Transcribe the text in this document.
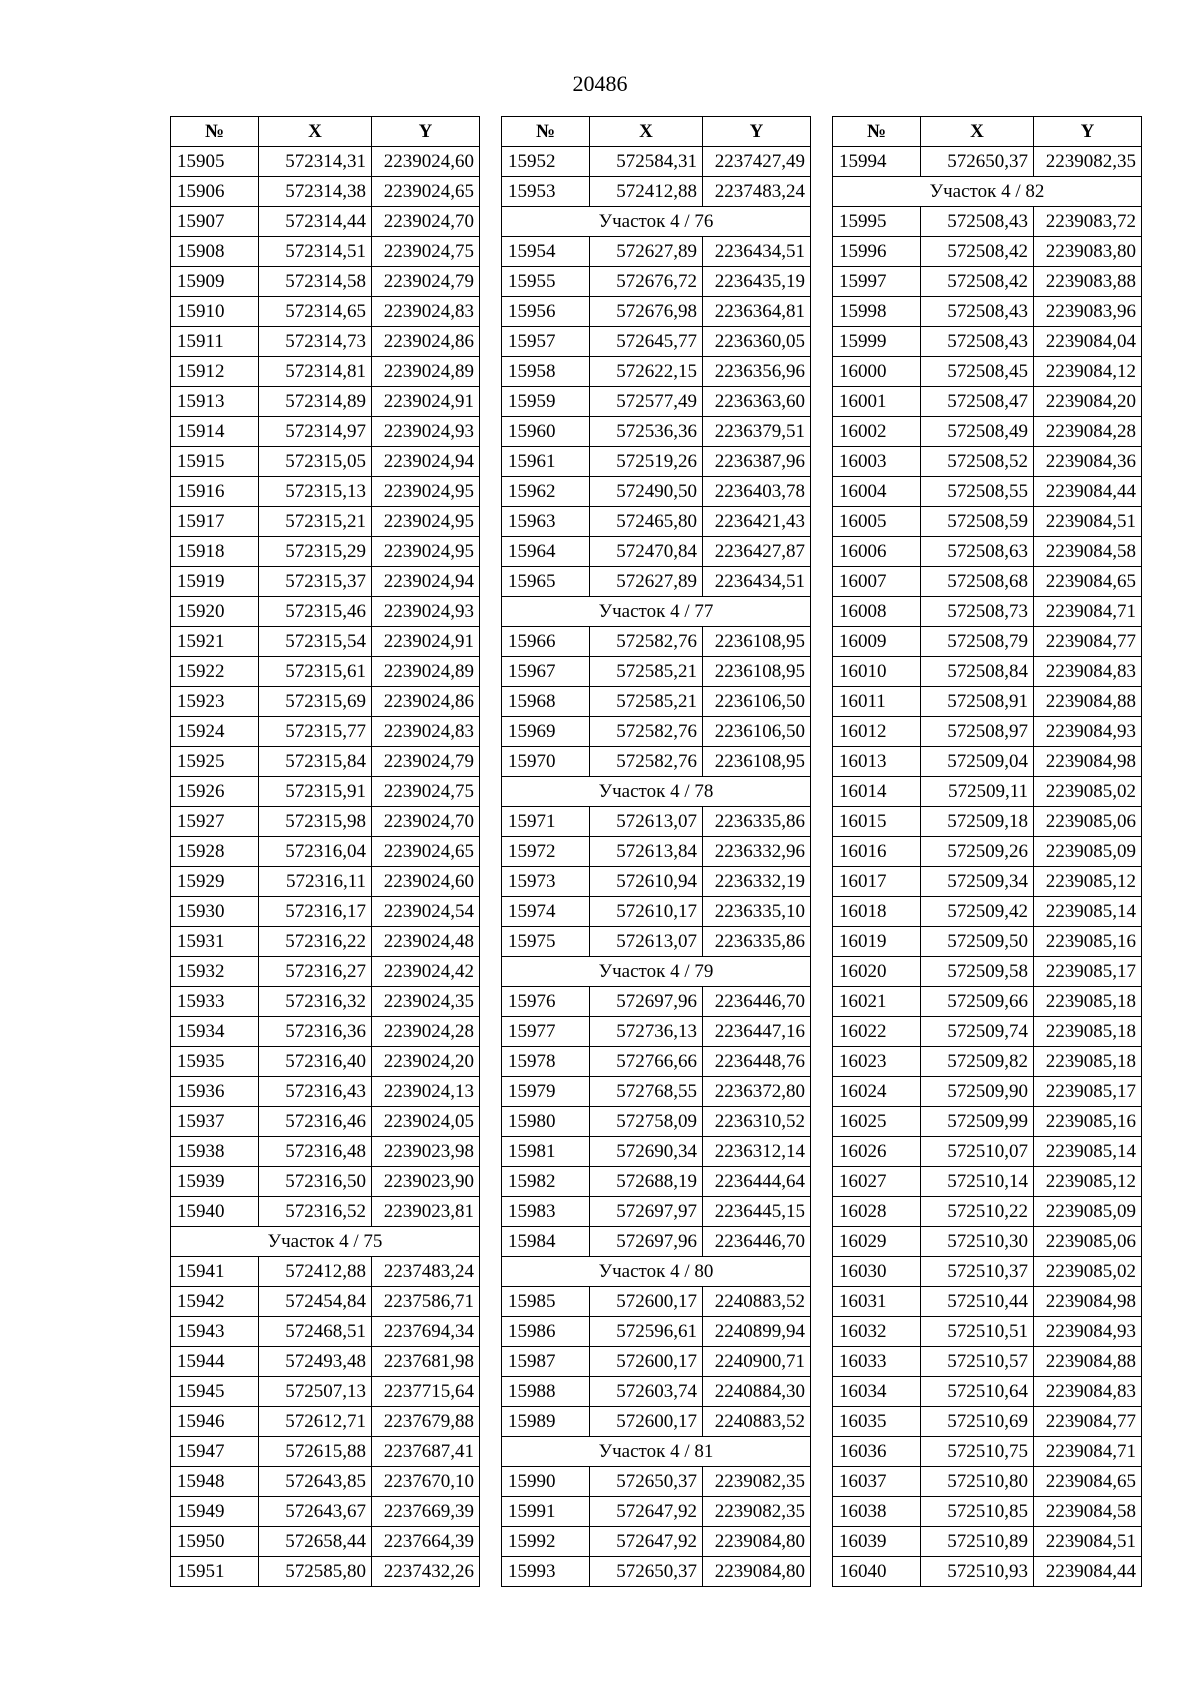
20486
№	X	Y
15905	572314,31	2239024,60
15906	572314,38	2239024,65
15907	572314,44	2239024,70
15908	572314,51	2239024,75
15909	572314,58	2239024,79
15910	572314,65	2239024,83
15911	572314,73	2239024,86
15912	572314,81	2239024,89
15913	572314,89	2239024,91
15914	572314,97	2239024,93
15915	572315,05	2239024,94
15916	572315,13	2239024,95
15917	572315,21	2239024,95
15918	572315,29	2239024,95
15919	572315,37	2239024,94
15920	572315,46	2239024,93
15921	572315,54	2239024,91
15922	572315,61	2239024,89
15923	572315,69	2239024,86
15924	572315,77	2239024,83
15925	572315,84	2239024,79
15926	572315,91	2239024,75
15927	572315,98	2239024,70
15928	572316,04	2239024,65
15929	572316,11	2239024,60
15930	572316,17	2239024,54
15931	572316,22	2239024,48
15932	572316,27	2239024,42
15933	572316,32	2239024,35
15934	572316,36	2239024,28
15935	572316,40	2239024,20
15936	572316,43	2239024,13
15937	572316,46	2239024,05
15938	572316,48	2239023,98
15939	572316,50	2239023,90
15940	572316,52	2239023,81
Участок 4 / 75		
15941	572412,88	2237483,24
15942	572454,84	2237586,71
15943	572468,51	2237694,34
15944	572493,48	2237681,98
15945	572507,13	2237715,64
15946	572612,71	2237679,88
15947	572615,88	2237687,41
15948	572643,85	2237670,10
15949	572643,67	2237669,39
15950	572658,44	2237664,39
15951	572585,80	2237432,26
№	X	Y
15952	572584,31	2237427,49
15953	572412,88	2237483,24
Участок 4 / 76		
15954	572627,89	2236434,51
15955	572676,72	2236435,19
15956	572676,98	2236364,81
15957	572645,77	2236360,05
15958	572622,15	2236356,96
15959	572577,49	2236363,60
15960	572536,36	2236379,51
15961	572519,26	2236387,96
15962	572490,50	2236403,78
15963	572465,80	2236421,43
15964	572470,84	2236427,87
15965	572627,89	2236434,51
Участок 4 / 77		
15966	572582,76	2236108,95
15967	572585,21	2236108,95
15968	572585,21	2236106,50
15969	572582,76	2236106,50
15970	572582,76	2236108,95
Участок 4 / 78		
15971	572613,07	2236335,86
15972	572613,84	2236332,96
15973	572610,94	2236332,19
15974	572610,17	2236335,10
15975	572613,07	2236335,86
Участок 4 / 79		
15976	572697,96	2236446,70
15977	572736,13	2236447,16
15978	572766,66	2236448,76
15979	572768,55	2236372,80
15980	572758,09	2236310,52
15981	572690,34	2236312,14
15982	572688,19	2236444,64
15983	572697,97	2236445,15
15984	572697,96	2236446,70
Участок 4 / 80		
15985	572600,17	2240883,52
15986	572596,61	2240899,94
15987	572600,17	2240900,71
15988	572603,74	2240884,30
15989	572600,17	2240883,52
Участок 4 / 81		
15990	572650,37	2239082,35
15991	572647,92	2239082,35
15992	572647,92	2239084,80
15993	572650,37	2239084,80
№	X	Y
15994	572650,37	2239082,35
Участок 4 / 82		
15995	572508,43	2239083,72
15996	572508,42	2239083,80
15997	572508,42	2239083,88
15998	572508,43	2239083,96
15999	572508,43	2239084,04
16000	572508,45	2239084,12
16001	572508,47	2239084,20
16002	572508,49	2239084,28
16003	572508,52	2239084,36
16004	572508,55	2239084,44
16005	572508,59	2239084,51
16006	572508,63	2239084,58
16007	572508,68	2239084,65
16008	572508,73	2239084,71
16009	572508,79	2239084,77
16010	572508,84	2239084,83
16011	572508,91	2239084,88
16012	572508,97	2239084,93
16013	572509,04	2239084,98
16014	572509,11	2239085,02
16015	572509,18	2239085,06
16016	572509,26	2239085,09
16017	572509,34	2239085,12
16018	572509,42	2239085,14
16019	572509,50	2239085,16
16020	572509,58	2239085,17
16021	572509,66	2239085,18
16022	572509,74	2239085,18
16023	572509,82	2239085,18
16024	572509,90	2239085,17
16025	572509,99	2239085,16
16026	572510,07	2239085,14
16027	572510,14	2239085,12
16028	572510,22	2239085,09
16029	572510,30	2239085,06
16030	572510,37	2239085,02
16031	572510,44	2239084,98
16032	572510,51	2239084,93
16033	572510,57	2239084,88
16034	572510,64	2239084,83
16035	572510,69	2239084,77
16036	572510,75	2239084,71
16037	572510,80	2239084,65
16038	572510,85	2239084,58
16039	572510,89	2239084,51
16040	572510,93	2239084,44
